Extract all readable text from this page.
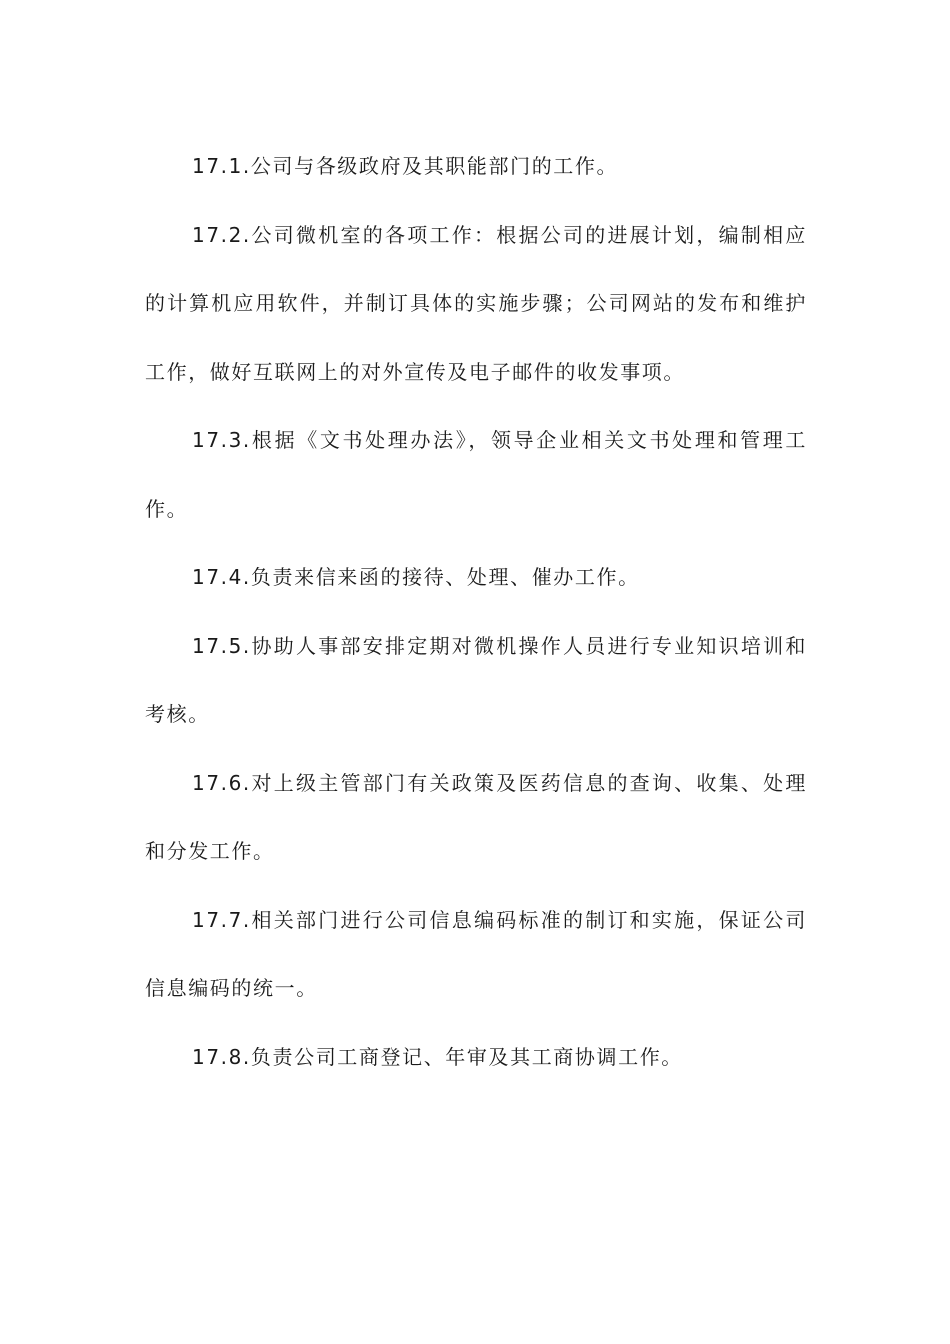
17.1.公司与各级政府及其职能部门的工作。

17.2.公司微机室的各项工作：根据公司的进展计划，编制相应的计算机应用软件，并制订具体的实施步骤；公司网站的发布和维护工作，做好互联网上的对外宣传及电子邮件的收发事项。

17.3.根据《文书处理办法》，领导企业相关文书处理和管理工作。

17.4.负责来信来函的接待、处理、催办工作。

17.5.协助人事部安排定期对微机操作人员进行专业知识培训和考核。

17.6.对上级主管部门有关政策及医药信息的查询、收集、处理和分发工作。

17.7.相关部门进行公司信息编码标准的制订和实施，保证公司信息编码的统一。

17.8.负责公司工商登记、年审及其工商协调工作。
